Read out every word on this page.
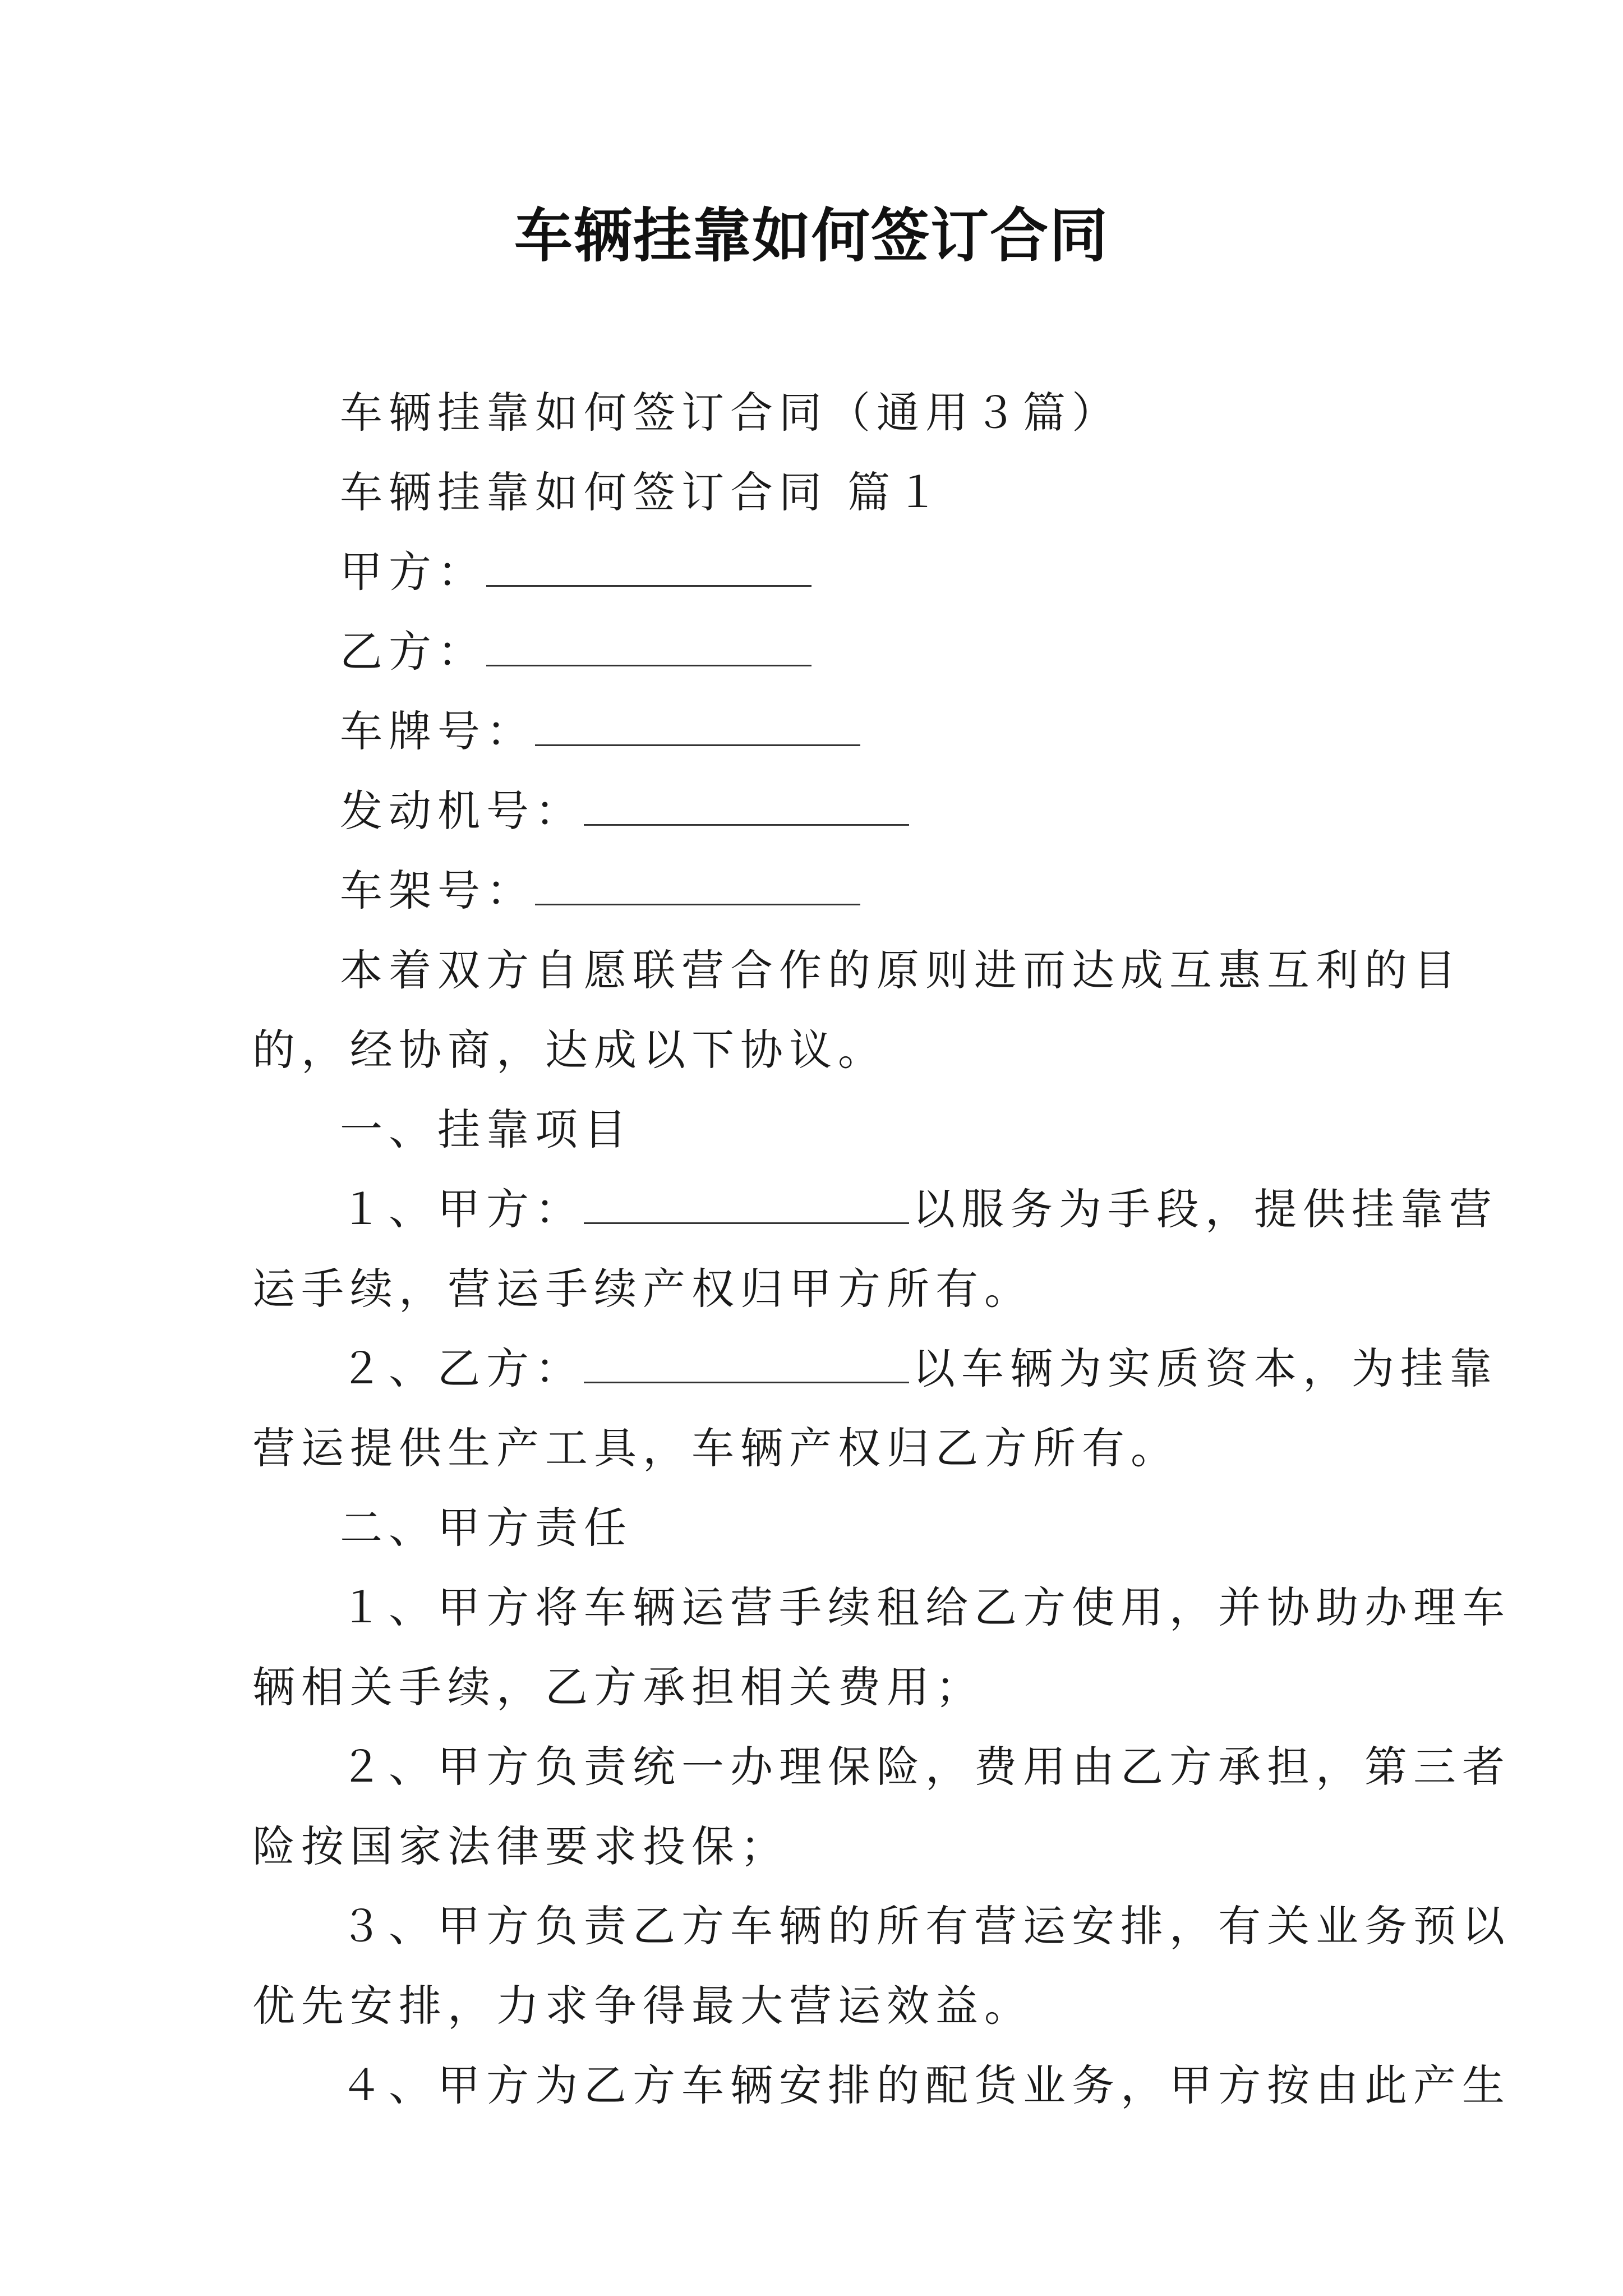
车辆挂靠如何签订合同
车辆挂靠如何签订合同（通用３篇）
车辆挂靠如何签订合同 篇１
甲方：
乙方：
车牌号：
发动机号：
车架号：
本着双方自愿联营合作的原则进而达成互惠互利的目
的，经协商，达成以下协议。
一、挂靠项目
１、甲方：	以服务为手段，提供挂靠营
运手续，营运手续产权归甲方所有。
２、乙方：	以车辆为实质资本，为挂靠
营运提供生产工具，车辆产权归乙方所有。
二、甲方责任
１、甲方将车辆运营手续租给乙方使用，并协助办理车
辆相关手续，乙方承担相关费用；
２、甲方负责统一办理保险，费用由乙方承担，第三者
险按国家法律要求投保；
３、甲方负责乙方车辆的所有营运安排，有关业务预以
优先安排，力求争得最大营运效益。
４、甲方为乙方车辆安排的配货业务，甲方按由此产生
